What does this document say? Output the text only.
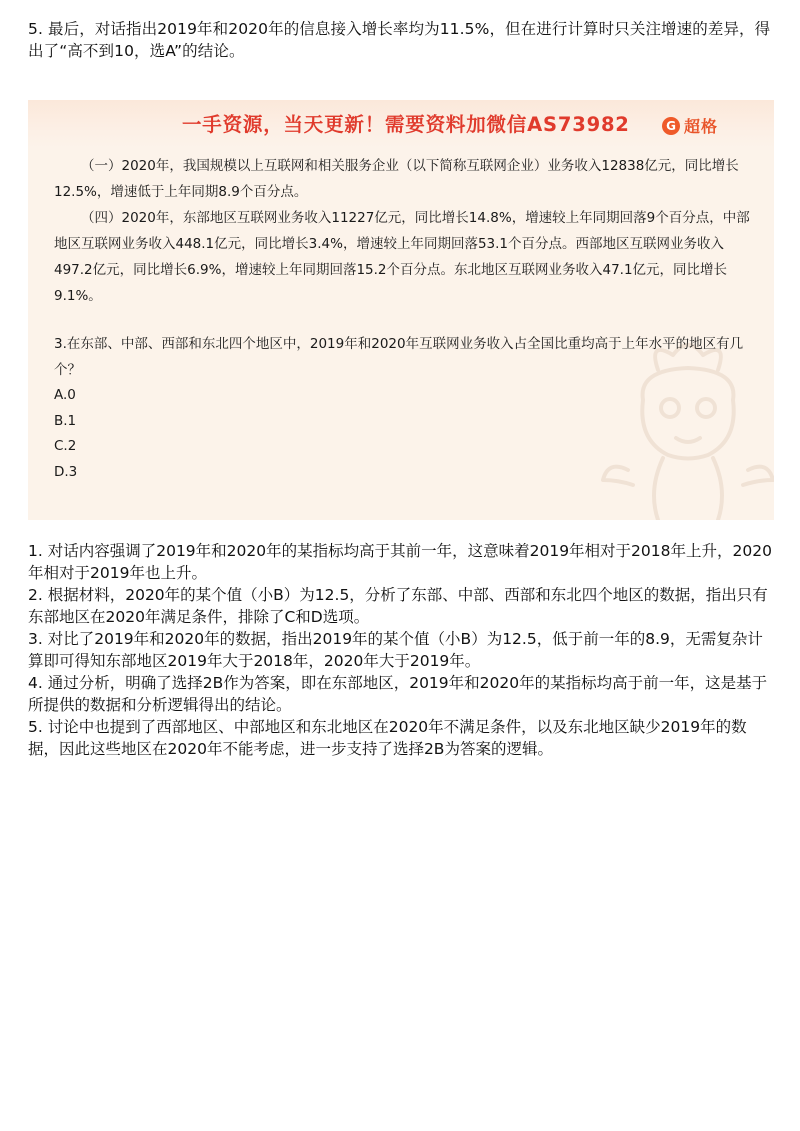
5. 最后，对话指出2019年和2020年的信息接入增长率均为11.5%，但在进行计算时只关注增速的差异，得出了“高不到10，选A”的结论。

一手资源，当天更新！需要资料加微信AS73982	G 超格

（一）2020年，我国规模以上互联网和相关服务企业（以下简称互联网企业）业务收入12838亿元，同比增长12.5%，增速低于上年同期8.9个百分点。

（四）2020年，东部地区互联网业务收入11227亿元，同比增长14.8%，增速较上年同期回落9个百分点，中部地区互联网业务收入448.1亿元，同比增长3.4%，增速较上年同期回落53.1个百分点。西部地区互联网业务收入497.2亿元，同比增长6.9%，增速较上年同期回落15.2个百分点。东北地区互联网业务收入47.1亿元，同比增长9.1%。

3.在东部、中部、西部和东北四个地区中，2019年和2020年互联网业务收入占全国比重均高于上年水平的地区有几个？

A.0
B.1
C.2
D.3

1. 对话内容强调了2019年和2020年的某指标均高于其前一年，这意味着2019年相对于2018年上升，2020年相对于2019年也上升。

2. 根据材料，2020年的某个值（小B）为12.5，分析了东部、中部、西部和东北四个地区的数据，指出只有东部地区在2020年满足条件，排除了C和D选项。

3. 对比了2019年和2020年的数据，指出2019年的某个值（小B）为12.5，低于前一年的8.9，无需复杂计算即可得知东部地区2019年大于2018年，2020年大于2019年。

4. 通过分析，明确了选择2B作为答案，即在东部地区，2019年和2020年的某指标均高于前一年，这是基于所提供的数据和分析逻辑得出的结论。

5. 讨论中也提到了西部地区、中部地区和东北地区在2020年不满足条件，以及东北地区缺少2019年的数据，因此这些地区在2020年不能考虑，进一步支持了选择2B为答案的逻辑。
